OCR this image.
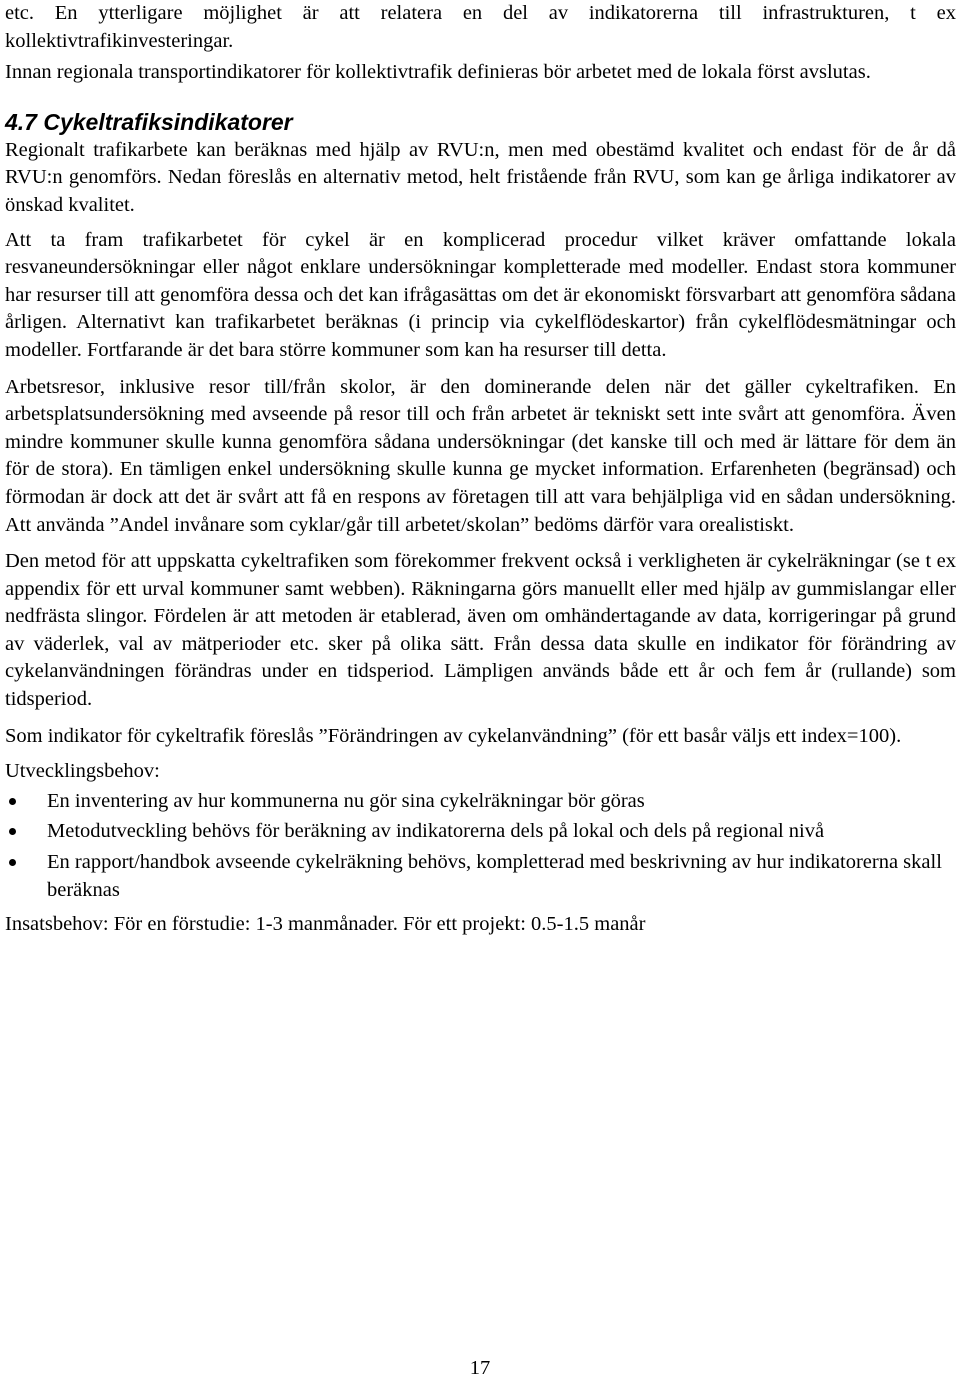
etc. En ytterligare möjlighet är att relatera en del av indikatorerna till infrastrukturen, t ex kollektivtrafikinvesteringar.

Innan regionala transportindikatorer för kollektivtrafik definieras bör arbetet med de lokala först avslutas.

4.7 Cykeltrafiksindikatorer

Regionalt trafikarbete kan beräknas med hjälp av RVU:n, men med obestämd kvalitet och endast för de år då RVU:n genomförs. Nedan föreslås en alternativ metod, helt fristående från RVU, som kan ge årliga indikatorer av önskad kvalitet.

Att ta fram trafikarbetet för cykel är en komplicerad procedur vilket kräver omfattande lokala resvaneundersökningar eller något enklare undersökningar kompletterade med modeller. Endast stora kommuner har resurser till att genomföra dessa och det kan ifrågasättas om det är ekonomiskt försvarbart att genomföra sådana årligen. Alternativt kan trafikarbetet beräknas (i princip via cykelflödeskartor) från cykelflödesmätningar och modeller. Fortfarande är det bara större kommuner som kan ha resurser till detta.

Arbetsresor, inklusive resor till/från skolor, är den dominerande delen när det gäller cykeltrafiken. En arbetsplatsundersökning med avseende på resor till och från arbetet är tekniskt sett inte svårt att genomföra. Även mindre kommuner skulle kunna genomföra sådana undersökningar (det kanske till och med är lättare för dem än för de stora). En tämligen enkel undersökning skulle kunna ge mycket information. Erfarenheten (begränsad) och förmodan är dock att det är svårt att få en respons av företagen till att vara behjälpliga vid en sådan undersökning. Att använda ”Andel invånare som cyklar/går till arbetet/skolan” bedöms därför vara orealistiskt.

Den metod för att uppskatta cykeltrafiken som förekommer frekvent också i verkligheten är cykelräkningar (se t ex appendix för ett urval kommuner samt webben). Räkningarna görs manuellt eller med hjälp av gummislangar eller nedfrästa slingor. Fördelen är att metoden är etablerad, även om omhändertagande av data, korrigeringar på grund av väderlek, val av mätperioder etc. sker på olika sätt. Från dessa data skulle en indikator för förändring av cykelanvändningen förändras under en tidsperiod. Lämpligen används både ett år och fem år (rullande) som tidsperiod.

Som indikator för cykeltrafik föreslås ”Förändringen av cykelanvändning” (för ett basår väljs ett index=100).

Utvecklingsbehov:

En inventering av hur kommunerna nu gör sina cykelräkningar bör göras
Metodutveckling behövs för beräkning av indikatorerna dels på lokal och dels på regional nivå
En rapport/handbok avseende cykelräkning behövs, kompletterad med beskrivning av hur indikatorerna skall beräknas

Insatsbehov: För en förstudie: 1-3 manmånader. För ett projekt: 0.5-1.5 manår

17
